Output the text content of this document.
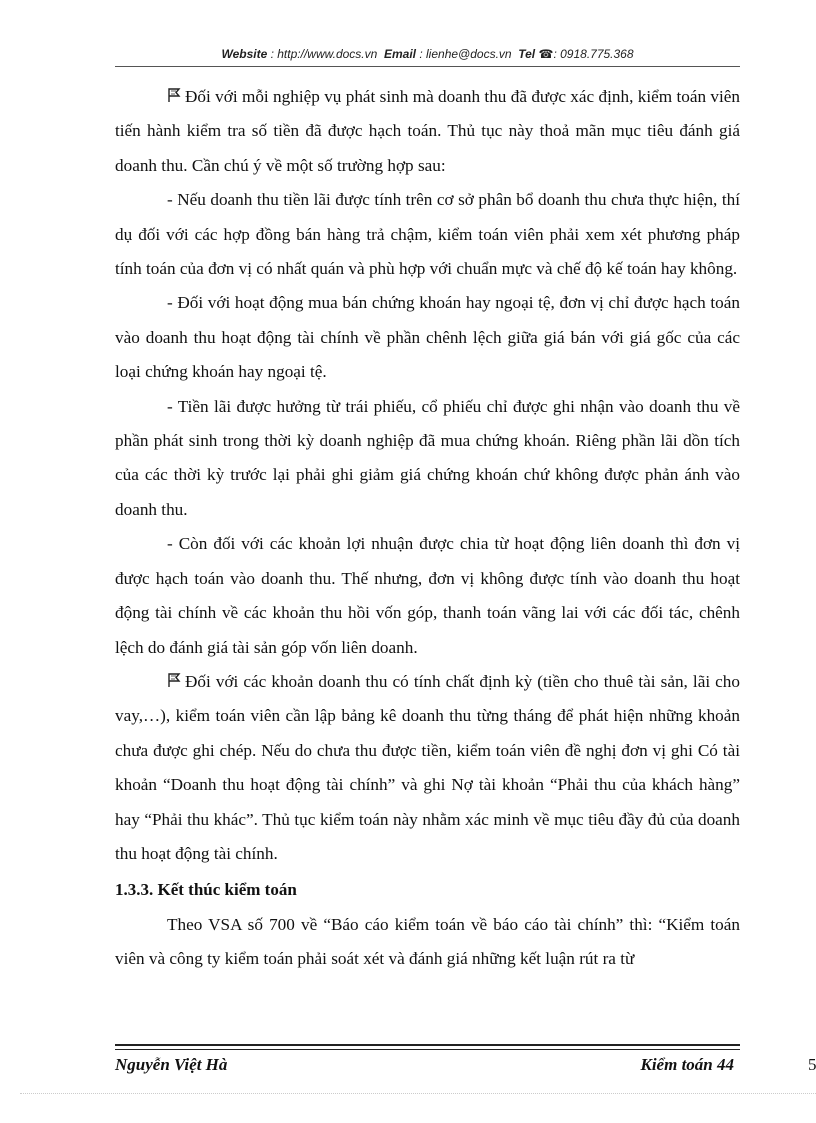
Website : http://www.docs.vn Email : lienhe@docs.vn Tel ☎: 0918.775.368

Đối với mỗi nghiệp vụ phát sinh mà doanh thu đã được xác định, kiểm toán viên tiến hành kiểm tra số tiền đã được hạch toán. Thủ tục này thoả mãn mục tiêu đánh giá doanh thu. Cần chú ý về một số trường hợp sau:

- Nếu doanh thu tiền lãi được tính trên cơ sở phân bổ doanh thu chưa thực hiện, thí dụ đối với các hợp đồng bán hàng trả chậm, kiểm toán viên phải xem xét phương pháp tính toán của đơn vị có nhất quán và phù hợp với chuẩn mực và chế độ kế toán hay không.

- Đối với hoạt động mua bán chứng khoán hay ngoại tệ, đơn vị chỉ được hạch toán vào doanh thu hoạt động tài chính về phần chênh lệch giữa giá bán với giá gốc của các loại chứng khoán hay ngoại tệ.

- Tiền lãi được hưởng từ trái phiếu, cổ phiếu chỉ được ghi nhận vào doanh thu về phần phát sinh trong thời kỳ doanh nghiệp đã mua chứng khoán. Riêng phần lãi dồn tích của các thời kỳ trước lại phải ghi giảm giá chứng khoán chứ không được phản ánh vào doanh thu.

- Còn đối với các khoản lợi nhuận được chia từ hoạt động liên doanh thì đơn vị được hạch toán vào doanh thu. Thế nhưng, đơn vị không được tính vào doanh thu hoạt động tài chính về các khoản thu hồi vốn góp, thanh toán vãng lai với các đối tác, chênh lệch do đánh giá tài sản góp vốn liên doanh.

Đối với các khoản doanh thu có tính chất định kỳ (tiền cho thuê tài sản, lãi cho vay,…), kiểm toán viên cần lập bảng kê doanh thu từng tháng để phát hiện những khoản chưa được ghi chép. Nếu do chưa thu được tiền, kiểm toán viên đề nghị đơn vị ghi Có tài khoản “Doanh thu hoạt động tài chính” và ghi Nợ tài khoản “Phải thu của khách hàng” hay “Phải thu khác”. Thủ tục kiểm toán này nhằm xác minh về mục tiêu đầy đủ của doanh thu hoạt động tài chính.

1.3.3. Kết thúc kiểm toán

Theo VSA số 700 về “Báo cáo kiểm toán về báo cáo tài chính” thì: “Kiểm toán viên và công ty kiểm toán phải soát xét và đánh giá những kết luận rút ra từ

Nguyễn Việt Hà	Kiểm toán 44	5
